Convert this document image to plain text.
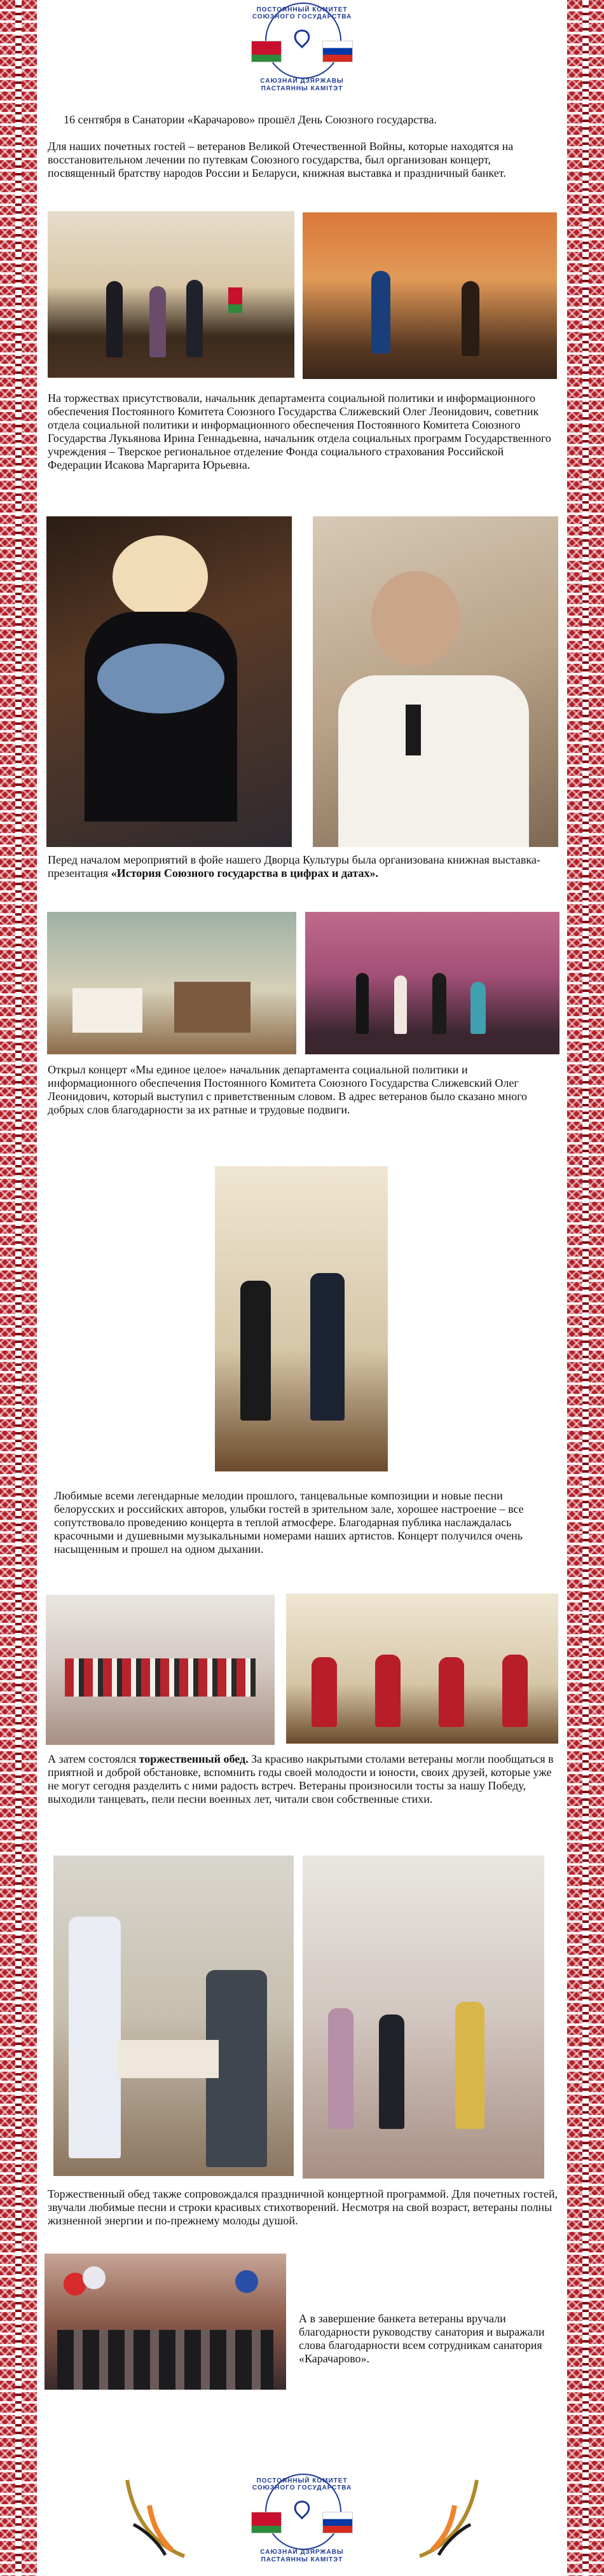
ПОСТОЯННЫЙ КОМИТЕТ СОЮЗНОГО ГОСУДАРСТВА
САЮЗНАЙ ДЗЯРЖАВЫ ПАСТАЯННЫ КАМІТЭТ
16 сентября в Санатории «Карачарово» прошёл День Союзного государства.
Для наших почетных гостей – ветеранов Великой Отечественной Войны, которые находятся на восстановительном лечении по путевкам Союзного государства, был организован концерт, посвященный братству народов России и Беларуси, книжная выставка и праздничный банкет.
На торжествах присутствовали, начальник департамента социальной политики и информационного обеспечения Постоянного Комитета Союзного Государства Слижевский Олег Леонидович, советник отдела социальной политики и информационного обеспечения Постоянного Комитета Союзного Государства Лукьянова Ирина Геннадьевна, начальник отдела социальных программ Государственного учреждения – Тверское региональное отделение Фонда социального страхования Российской Федерации Исакова Маргарита Юрьевна.
Перед началом мероприятий в фойе нашего Дворца Культуры была организована книжная выставка-презентация «История Союзного государства в цифрах и датах».
Открыл концерт «Мы единое целое» начальник департамента социальной политики и информационного обеспечения Постоянного Комитета Союзного Государства Слижевский Олег Леонидович, который выступил с приветственным словом. В адрес ветеранов было сказано много добрых слов благодарности за их ратные и трудовые подвиги.
Любимые всеми легендарные мелодии прошлого, танцевальные композиции и новые песни белорусских и российских авторов, улыбки гостей в зрительном зале, хорошее настроение – все сопутствовало проведению концерта в теплой атмосфере. Благодарная публика наслаждалась красочными и душевными музыкальными номерами наших артистов. Концерт получился очень насыщенным и прошел на одном дыхании.
А затем состоялся торжественный обед. За красиво накрытыми столами ветераны могли пообщаться в приятной и доброй обстановке, вспомнить годы своей молодости и юности, своих друзей, которые уже не могут сегодня разделить с ними радость встреч. Ветераны произносили тосты за нашу Победу, выходили танцевать, пели песни военных лет, читали свои собственные стихи.
Торжественный обед также сопровождался праздничной концертной программой. Для почетных гостей, звучали любимые песни и строки красивых стихотворений. Несмотря на свой возраст, ветераны полны жизненной энергии и по-прежнему молоды душой.
А в завершение банкета ветераны вручали благодарности руководству санатория и выражали слова благодарности всем сотрудникам санатория «Карачарово».
ПОСТОЯННЫЙ КОМИТЕТ СОЮЗНОГО ГОСУДАРСТВА
САЮЗНАЙ ДЗЯРЖАВЫ ПАСТАЯННЫ КАМІТЭТ
